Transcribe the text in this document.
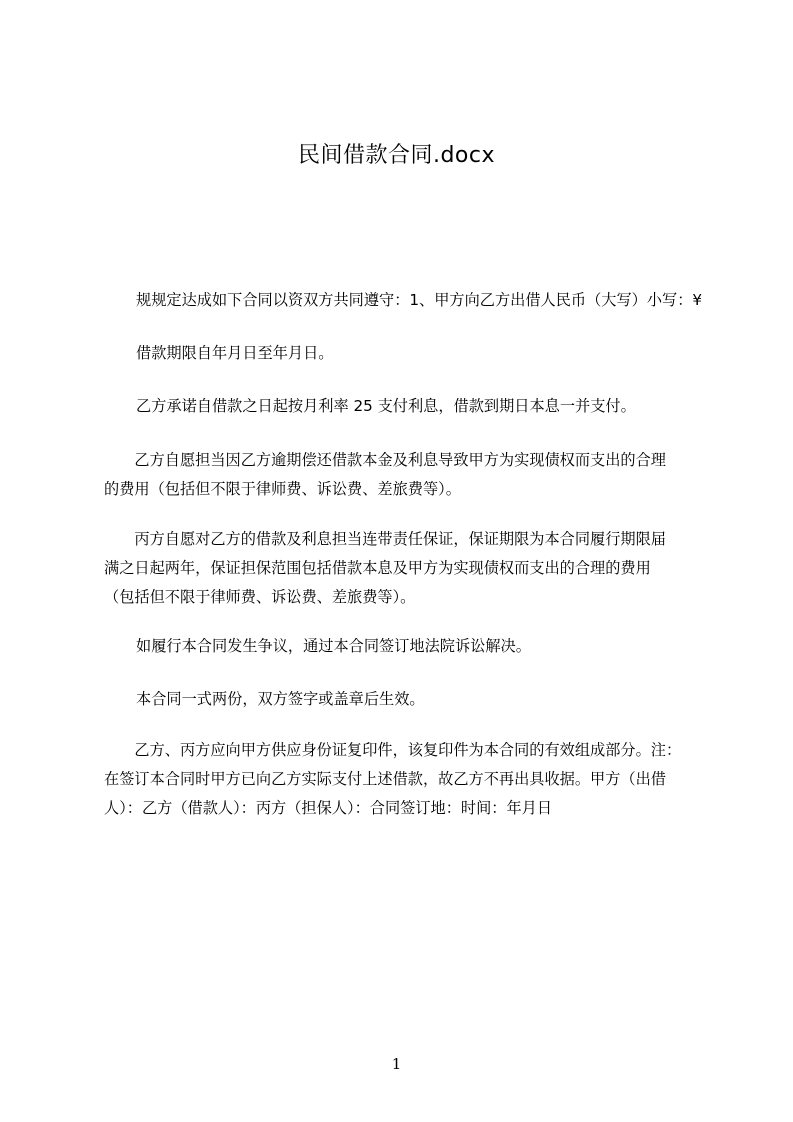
民间借款合同.docx

规规定达成如下合同以资双方共同遵守：1、甲方向乙方出借人民币（大写）小写：¥

借款期限自年月日至年月日。

乙方承诺自借款之日起按月利率 25 支付利息，借款到期日本息一并支付。

　　乙方自愿担当因乙方逾期偿还借款本金及利息导致甲方为实现债权而支出的合理
的费用（包括但不限于律师费、诉讼费、差旅费等）。

　　丙方自愿对乙方的借款及利息担当连带责任保证，保证期限为本合同履行期限届
满之日起两年，保证担保范围包括借款本息及甲方为实现债权而支出的合理的费用
（包括但不限于律师费、诉讼费、差旅费等）。

如履行本合同发生争议，通过本合同签订地法院诉讼解决。

本合同一式两份，双方签字或盖章后生效。

　　乙方、丙方应向甲方供应身份证复印件，该复印件为本合同的有效组成部分。注：
在签订本合同时甲方已向乙方实际支付上述借款，故乙方不再出具收据。甲方（出借
人）：乙方（借款人）：丙方（担保人）：合同签订地：时间：年月日

1
